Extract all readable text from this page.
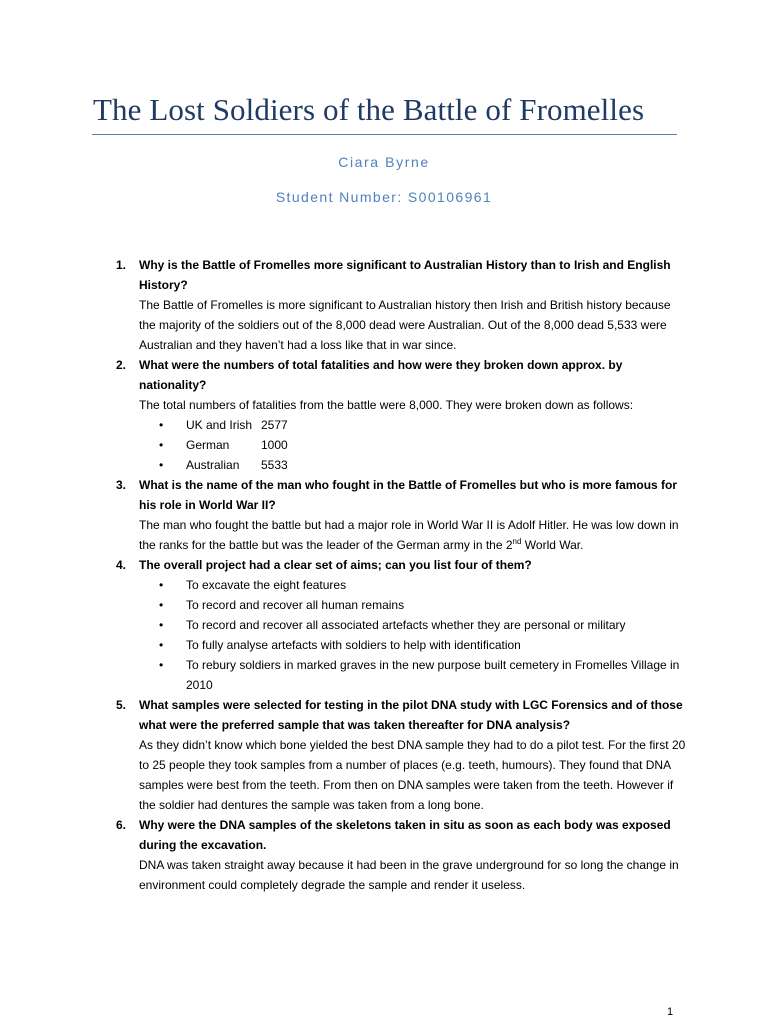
The Lost Soldiers of the Battle of Fromelles
Ciara Byrne
Student Number: S00106961
1. Why is the Battle of Fromelles more significant to Australian History than to Irish and English History?
The Battle of Fromelles is more significant to Australian history then Irish and British history because the majority of the soldiers out of the 8,000 dead were Australian. Out of the 8,000 dead 5,533 were Australian and they haven’t had a loss like that in war since.
2. What were the numbers of total fatalities and how were they broken down approx. by nationality?
The total numbers of fatalities from the battle were 8,000. They were broken down as follows:
• UK and Irish 2577
• German	1000
• Australian 5533
3. What is the name of the man who fought in the Battle of Fromelles but who is more famous for his role in World War II?
The man who fought the battle but had a major role in World War II is Adolf Hitler. He was low down in the ranks for the battle but was the leader of the German army in the 2nd World War.
4. The overall project had a clear set of aims; can you list four of them?
• To excavate the eight features
• To record and recover all human remains
• To record and recover all associated artefacts whether they are personal or military
• To fully analyse artefacts with soldiers to help with identification
• To rebury soldiers in marked graves in the new purpose built cemetery in Fromelles Village in 2010
5. What samples were selected for testing in the pilot DNA study with LGC Forensics and of those what were the preferred sample that was taken thereafter for DNA analysis?
As they didn’t know which bone yielded the best DNA sample they had to do a pilot test. For the first 20 to 25 people they took samples from a number of places (e.g. teeth, humours). They found that DNA samples were best from the teeth. From then on DNA samples were taken from the teeth. However if the soldier had dentures the sample was taken from a long bone.
6. Why were the DNA samples of the skeletons taken in situ as soon as each body was exposed during the excavation.
DNA was taken straight away because it had been in the grave underground for so long the change in environment could completely degrade the sample and render it useless.
1
